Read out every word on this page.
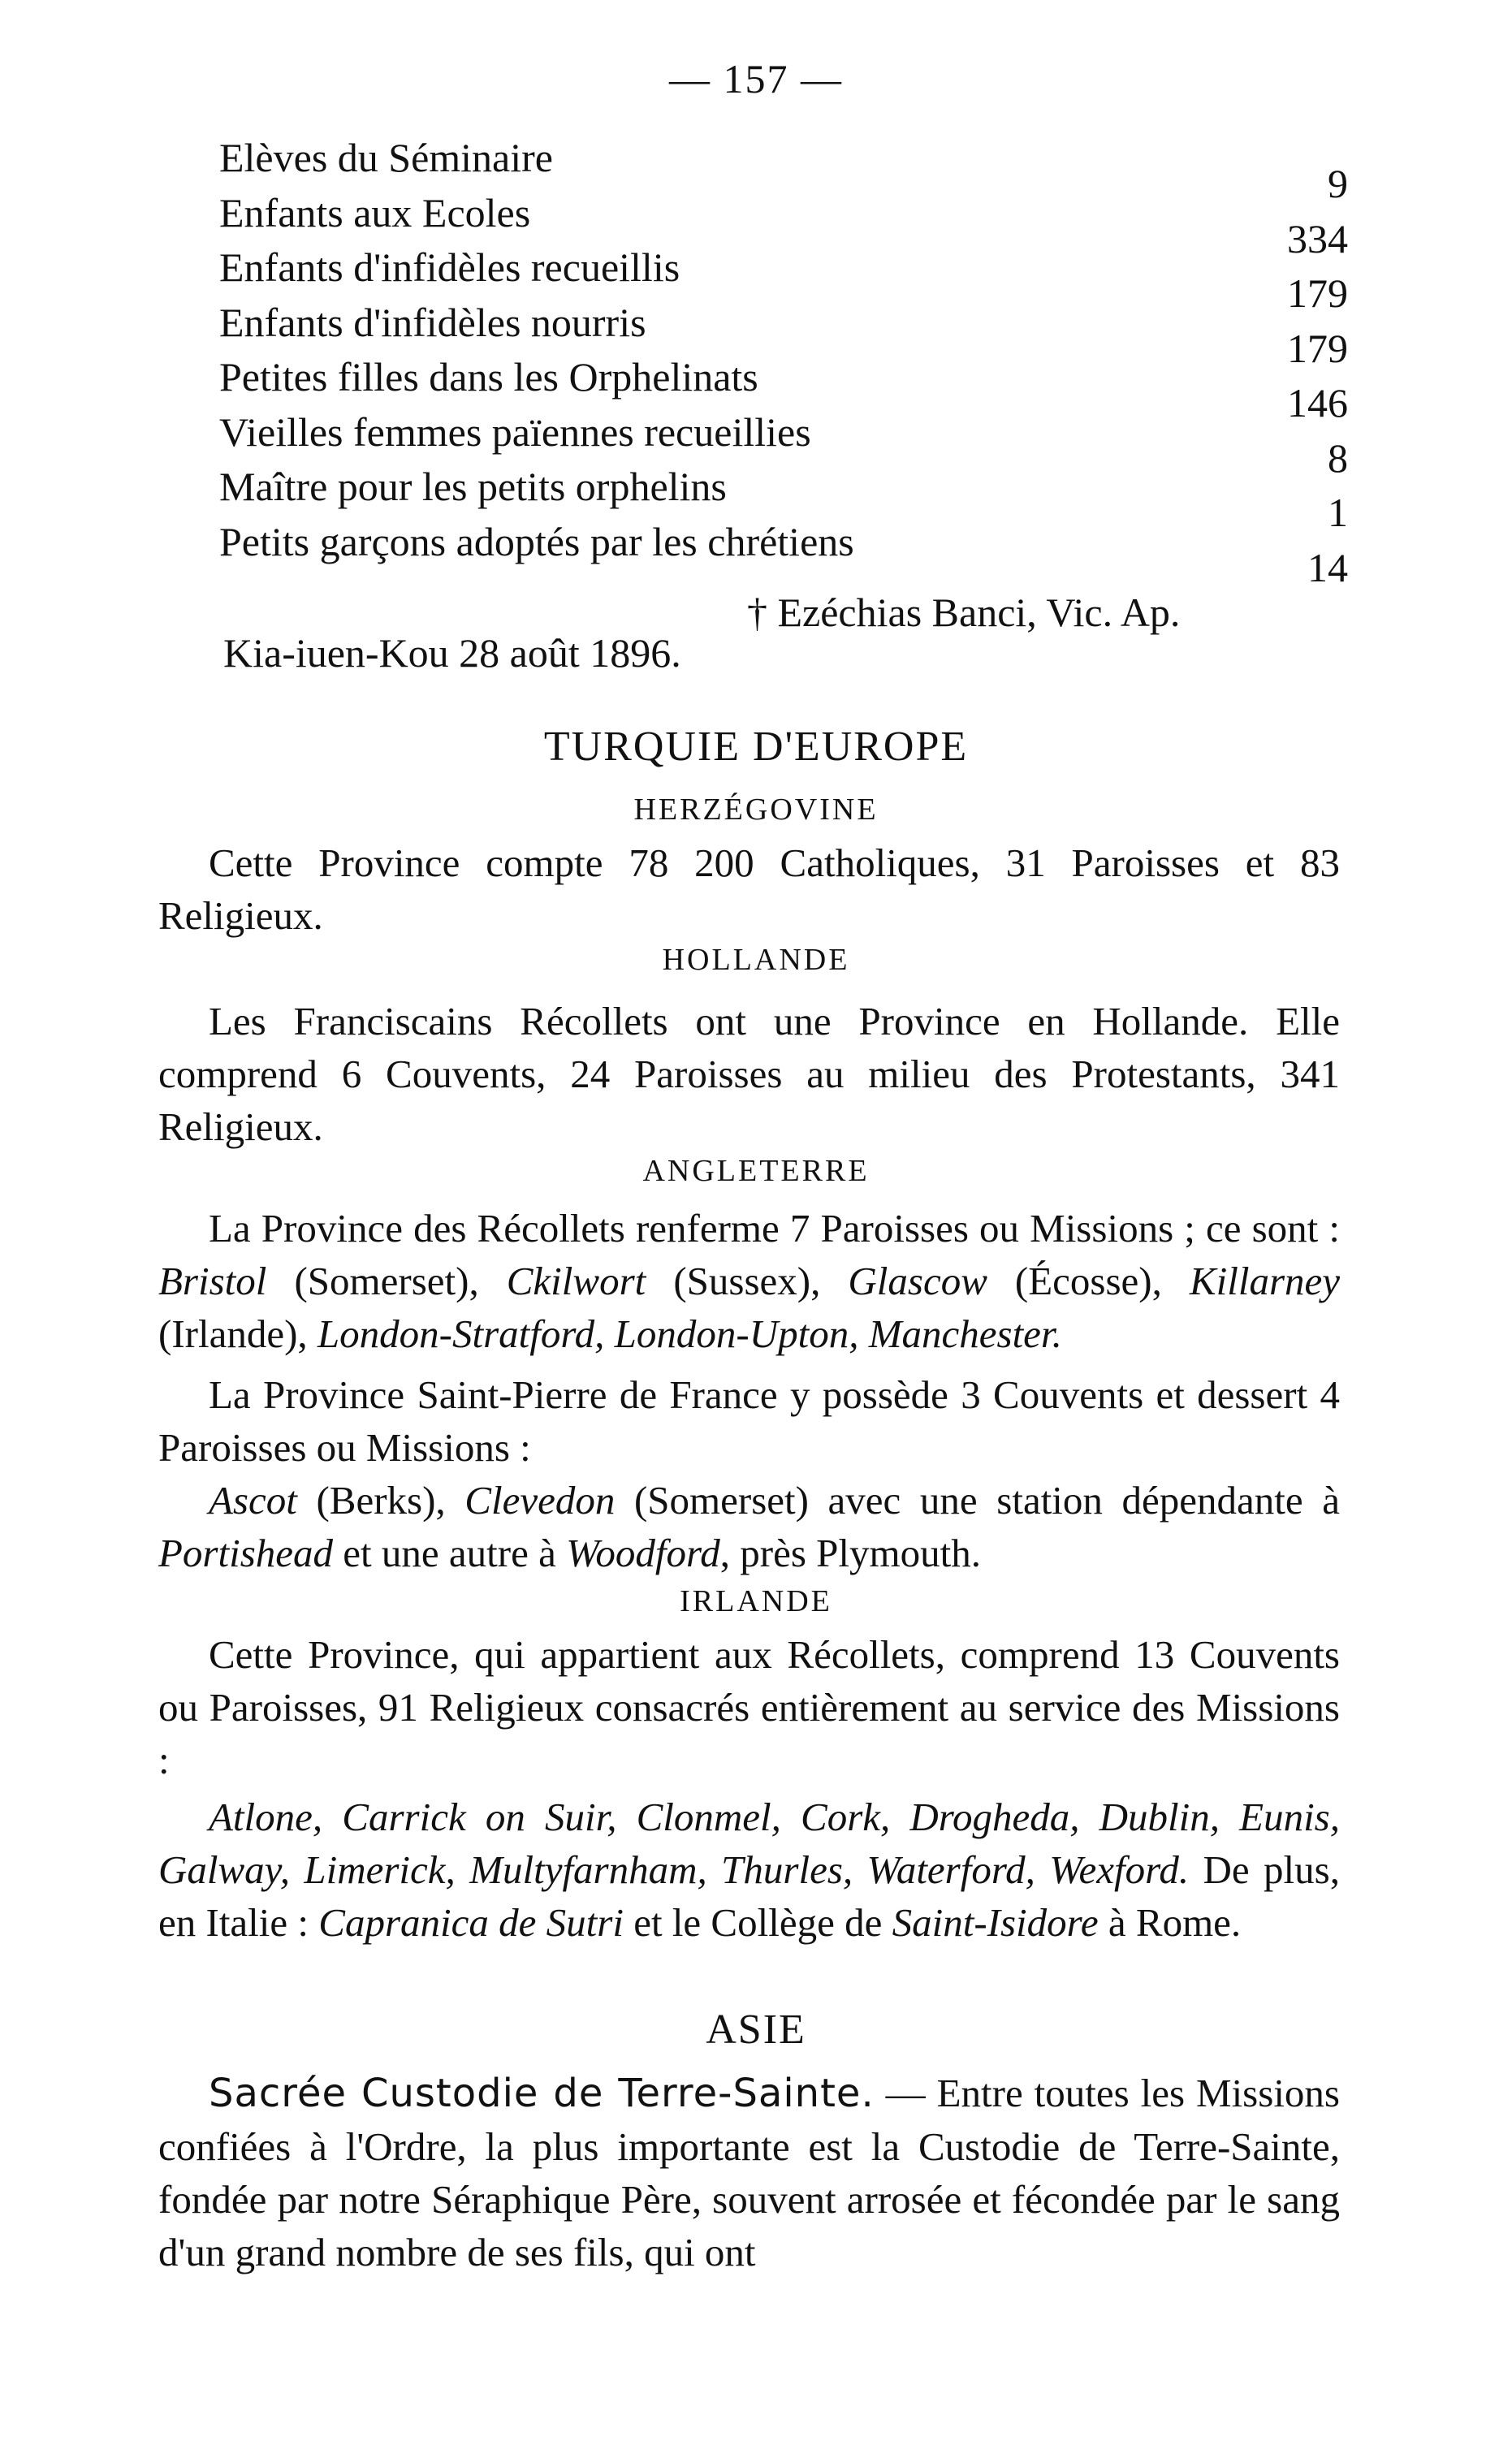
— 157 —
Elèves du Séminaire
9
Enfants aux Ecoles
334
Enfants d'infidèles recueillis
179
Enfants d'infidèles nourris
179
Petites filles dans les Orphelinats
146
Vieilles femmes païennes recueillies
8
Maître pour les petits orphelins
1
Petits garçons adoptés par les chrétiens
14
† Ezéchias Banci, Vic. Ap.
Kia-iuen-Kou 28 août 1896.
TURQUIE D'EUROPE
HERZÉGOVINE

Cette Province compte 78 200 Catholiques, 31 Paroisses et 83 Religieux.

HOLLANDE

Les Franciscains Récollets ont une Province en Hollande. Elle comprend 6 Couvents, 24 Paroisses au milieu des Protestants, 341 Religieux.

ANGLETERRE

La Province des Récollets renferme 7 Paroisses ou Missions ; ce sont : Bristol (Somerset), Ckilwort (Sussex), Glascow (Écosse), Killarney (Irlande), London-Stratford, London-Upton, Manchester.

La Province Saint-Pierre de France y possède 3 Couvents et dessert 4 Paroisses ou Missions :

Ascot (Berks), Clevedon (Somerset) avec une station dépendante à Portishead et une autre à Woodford, près Plymouth.

IRLANDE

Cette Province, qui appartient aux Récollets, comprend 13 Couvents ou Paroisses, 91 Religieux consacrés entièrement au service des Missions :

Atlone, Carrick on Suir, Clonmel, Cork, Drogheda, Dublin, Eunis, Galway, Limerick, Multyfarnham, Thurles, Waterford, Wexford. De plus, en Italie : Capranica de Sutri et le Collège de Saint-Isidore à Rome.

ASIE

Sacrée Custodie de Terre-Sainte. — Entre toutes les Missions confiées à l'Ordre, la plus importante est la Custodie de Terre-Sainte, fondée par notre Séraphique Père, souvent arrosée et fécondée par le sang d'un grand nombre de ses fils, qui ont
